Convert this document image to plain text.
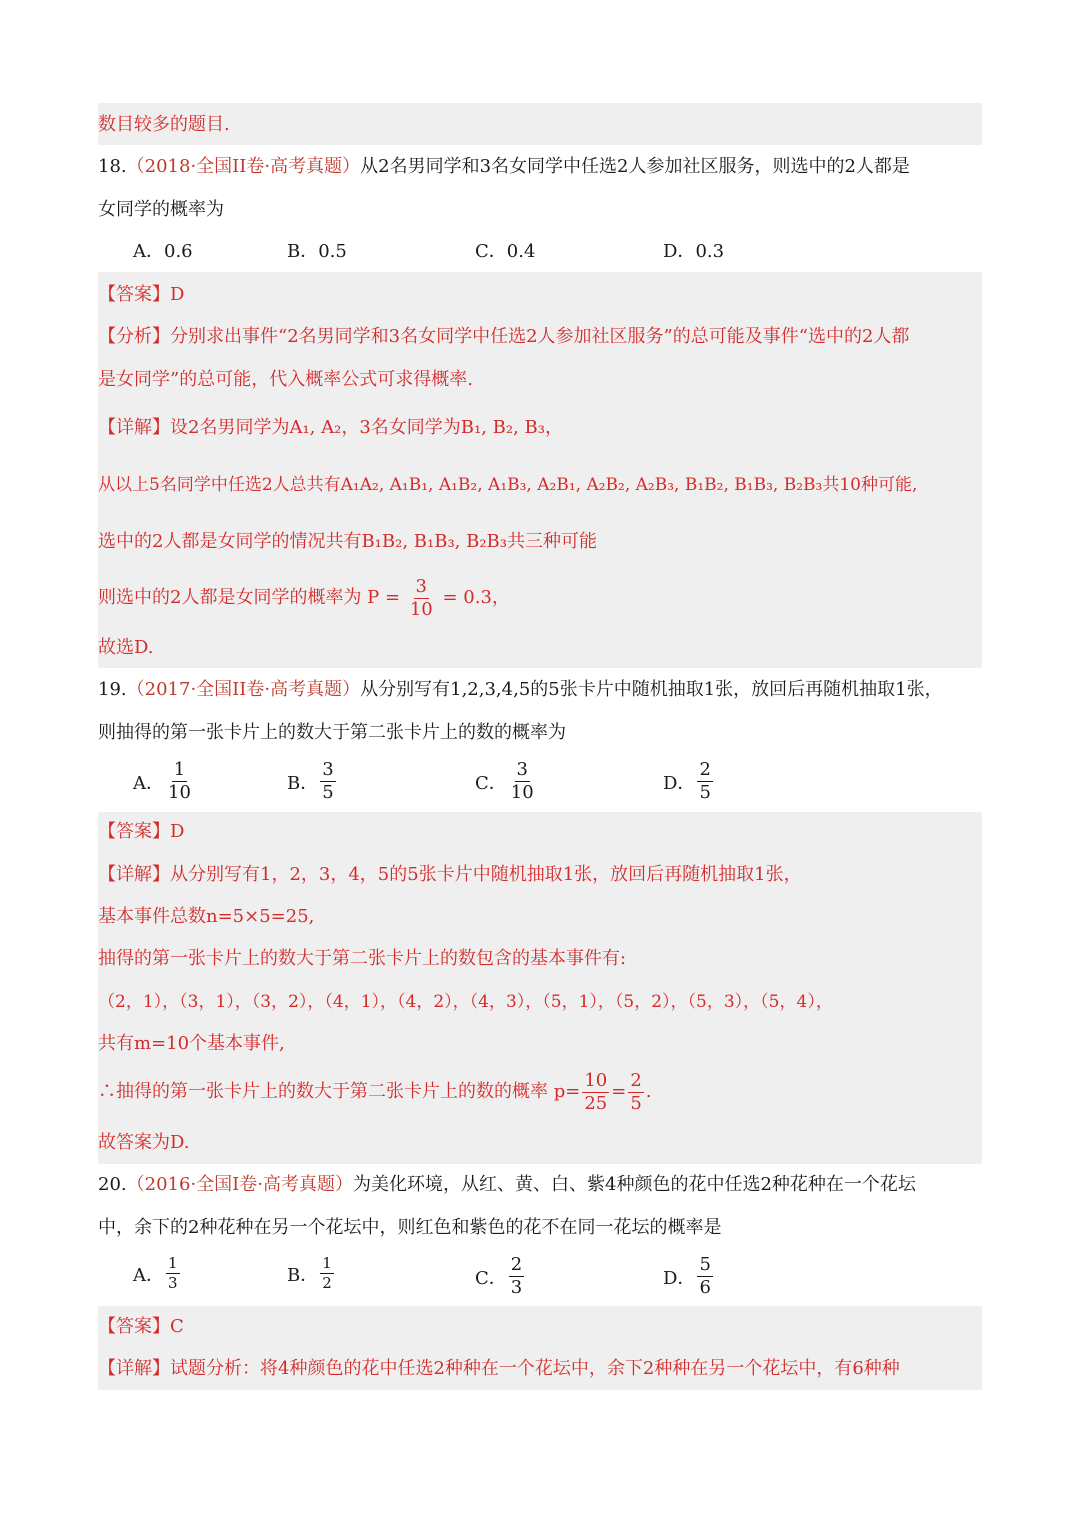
数目较多的题目.
18.（2018·全国II卷·高考真题）从2名男同学和3名女同学中任选2人参加社区服务，则选中的2人都是
女同学的概率为
A．0.6	B．0.5	C．0.4	D．0.3
【答案】D
【分析】分别求出事件“2名男同学和3名女同学中任选2人参加社区服务”的总可能及事件“选中的2人都
是女同学”的总可能，代入概率公式可求得概率.
【详解】设2名男同学为A₁, A₂，3名女同学为B₁, B₂, B₃，
从以上5名同学中任选2人总共有A₁A₂, A₁B₁, A₁B₂, A₁B₃, A₂B₁, A₂B₂, A₂B₃, B₁B₂, B₁B₃, B₂B₃共10种可能,
选中的2人都是女同学的情况共有B₁B₂, B₁B₃, B₂B₃共三种可能
则选中的2人都是女同学的概率为 $P = \frac{3}{10} = 0.3$，
故选D.
19.（2017·全国II卷·高考真题）从分别写有1,2,3,4,5的5张卡片中随机抽取1张，放回后再随机抽取1张，
则抽得的第一张卡片上的数大于第二张卡片上的数的概率为
A． $\frac{1}{10}$	B． $\frac{3}{5}$	C． $\frac{3}{10}$	D． $\frac{2}{5}$
【答案】D
【详解】从分别写有1，2，3，4，5的5张卡片中随机抽取1张，放回后再随机抽取1张，
基本事件总数n=5×5=25,
抽得的第一张卡片上的数大于第二张卡片上的数包含的基本事件有:
（2，1），（3，1），（3，2），（4，1），（4，2），（4，3），（5，1），（5，2），（5，3），（5，4），
共有m=10个基本事件,
∴抽得的第一张卡片上的数大于第二张卡片上的数的概率 $p= \frac{10}{25} = \frac{2}{5}$ .
故答案为D.
20.（2016·全国I卷·高考真题）为美化环境，从红、黄、白、紫4种颜色的花中任选2种花种在一个花坛
中，余下的2种花种在另一个花坛中，则红色和紫色的花不在同一花坛的概率是
A． $\frac{1}{3}$	B． $\frac{1}{2}$	C． $\frac{2}{3}$	D． $\frac{5}{6}$
【答案】C
【详解】试题分析：将4种颜色的花中任选2种种在一个花坛中，余下2种种在另一个花坛中，有6种种
